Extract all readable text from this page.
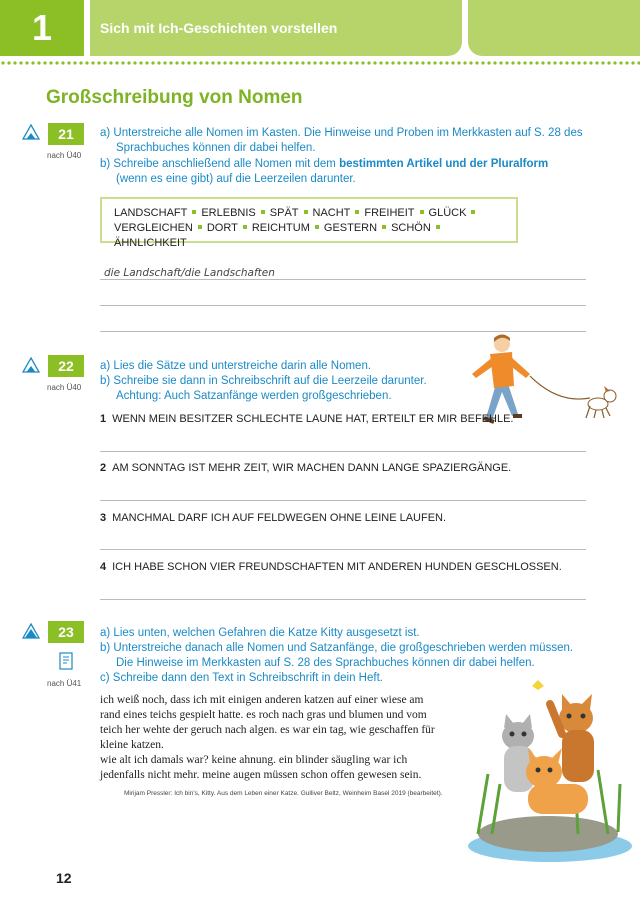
1	Sich mit Ich-Geschichten vorstellen
Großschreibung von Nomen
21
nach Ü40
a) Unterstreiche alle Nomen im Kasten. Die Hinweise und Proben im Merkkasten auf S. 28 des
Sprachbuches können dir dabei helfen.
b) Schreibe anschließend alle Nomen mit dem bestimmten Artikel und der Pluralform
(wenn es eine gibt) auf die Leerzeilen darunter.
LANDSCHAFT ERLEBNIS SPÄT NACHT FREIHEIT GLÜCK
VERGLEICHEN DORT REICHTUM GESTERN SCHÖNÄHNLICHKEIT
die Landschaft/die Landschaften
22
nach Ü40
a) Lies die Sätze und unterstreiche darin alle Nomen.
b) Schreibe sie dann in Schreibschrift auf die Leerzeile darunter.
Achtung: Auch Satzanfänge werden großgeschrieben.
1 WENN MEIN BESITZER SCHLECHTE LAUNE HAT, ERTEILT ER MIR BEFEHLE.
2 AM SONNTAG IST MEHR ZEIT, WIR MACHEN DANN LANGE SPAZIERGÄNGE.
3 MANCHMAL DARF ICH AUF FELDWEGEN OHNE LEINE LAUFEN.
4 ICH HABE SCHON VIER FREUNDSCHAFTEN MIT ANDEREN HUNDEN GESCHLOSSEN.
23
nach Ü41
a) Lies unten, welchen Gefahren die Katze Kitty ausgesetzt ist.
b) Unterstreiche danach alle Nomen und Satzanfänge, die großgeschrieben werden müssen.
Die Hinweise im Merkkasten auf S. 28 des Sprachbuches können dir dabei helfen.
c) Schreibe dann den Text in Schreibschrift in dein Heft.
ich weiß noch, dass ich mit einigen anderen katzen auf einer wiese am
rand eines teichs gespielt hatte. es roch nach gras und blumen und vom
teich her wehte der geruch nach algen. es war ein tag, wie geschaffen für
kleine katzen.
wie alt ich damals war? keine ahnung. ein blinder säugling war ich
jedenfalls nicht mehr. meine augen müssen schon offen gewesen sein.
Mirijam Pressler: Ich bin's, Kitty. Aus dem Leben einer Katze. Gulliver Beltz, Weinheim Basel 2019 (bearbeitet).
12
